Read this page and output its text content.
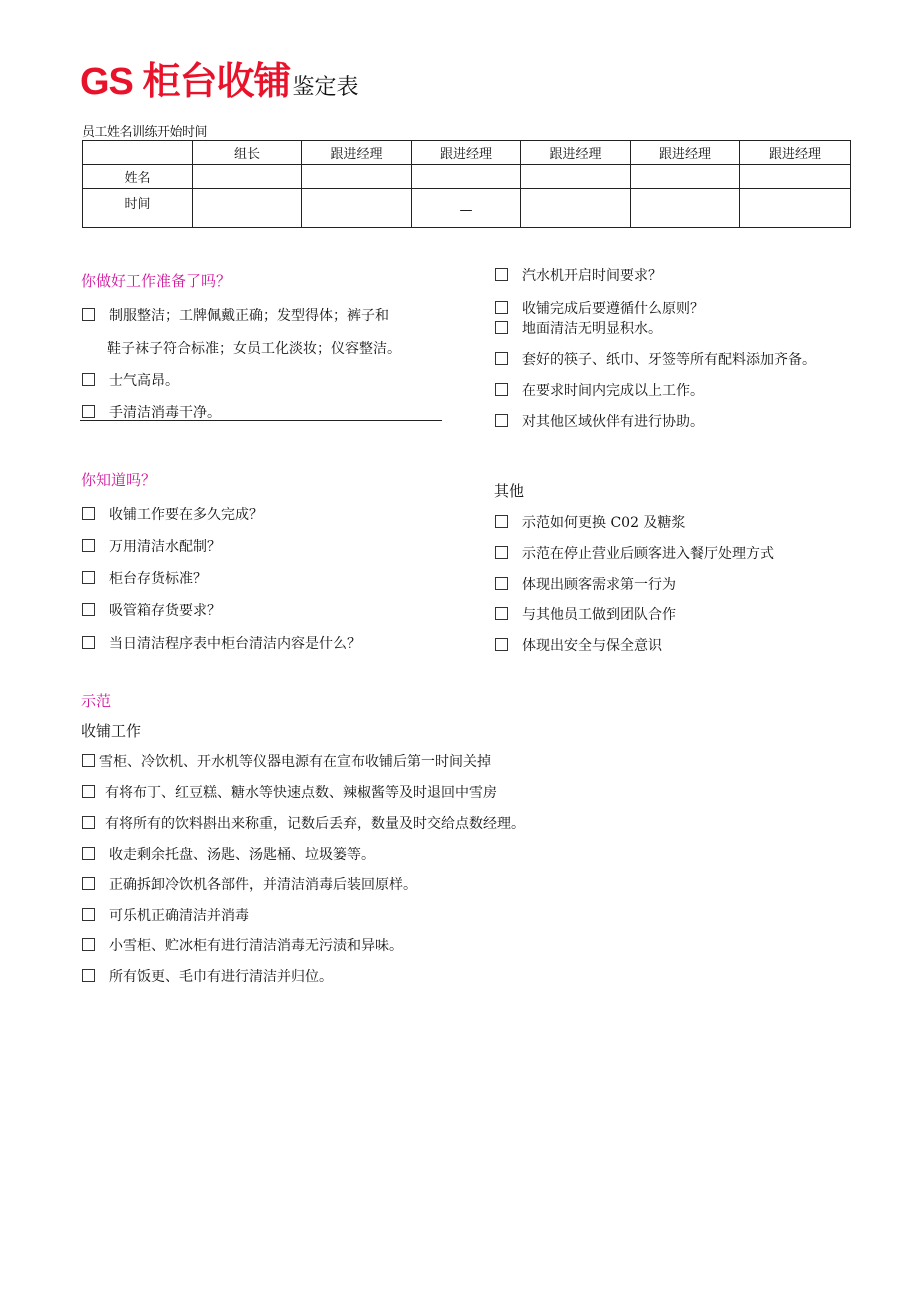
GS 柜台收铺鉴定表
员工姓名训练开始时间
	组长	跟进经理	跟进经理	跟进经理	跟进经理	跟进经理
姓名						
时间			—			
你做好工作准备了吗？
制服整洁；工牌佩戴正确；发型得体；裤子和
鞋子袜子符合标准；女员工化淡妆；仪容整洁。
士气高昂。
手清洁消毒干净。
汽水机开启时间要求？
收铺完成后要遵循什么原则？
地面清洁无明显积水。
套好的筷子、纸巾、牙签等所有配料添加齐备。
在要求时间内完成以上工作。
对其他区域伙伴有进行协助。
你知道吗？
收铺工作要在多久完成？
万用清洁水配制？
柜台存货标准？
吸管箱存货要求？
当日清洁程序表中柜台清洁内容是什么？
其他
示范如何更换 C02 及糖浆
示范在停止营业后顾客进入餐厅处理方式
体现出顾客需求第一行为
与其他员工做到团队合作
体现出安全与保全意识
示范
收铺工作
雪柜、冷饮机、开水机等仪器电源有在宣布收铺后第一时间关掉
有将布丁、红豆糕、糖水等快速点数、辣椒酱等及时退回中雪房
有将所有的饮料斟出来称重，记数后丢弃，数量及时交给点数经理。
收走剩余托盘、汤匙、汤匙桶、垃圾篓等。
正确拆卸冷饮机各部件，并清洁消毒后装回原样。
可乐机正确清洁并消毒
小雪柜、贮冰柜有进行清洁消毒无污渍和异味。
所有饭更、毛巾有进行清洁并归位。
